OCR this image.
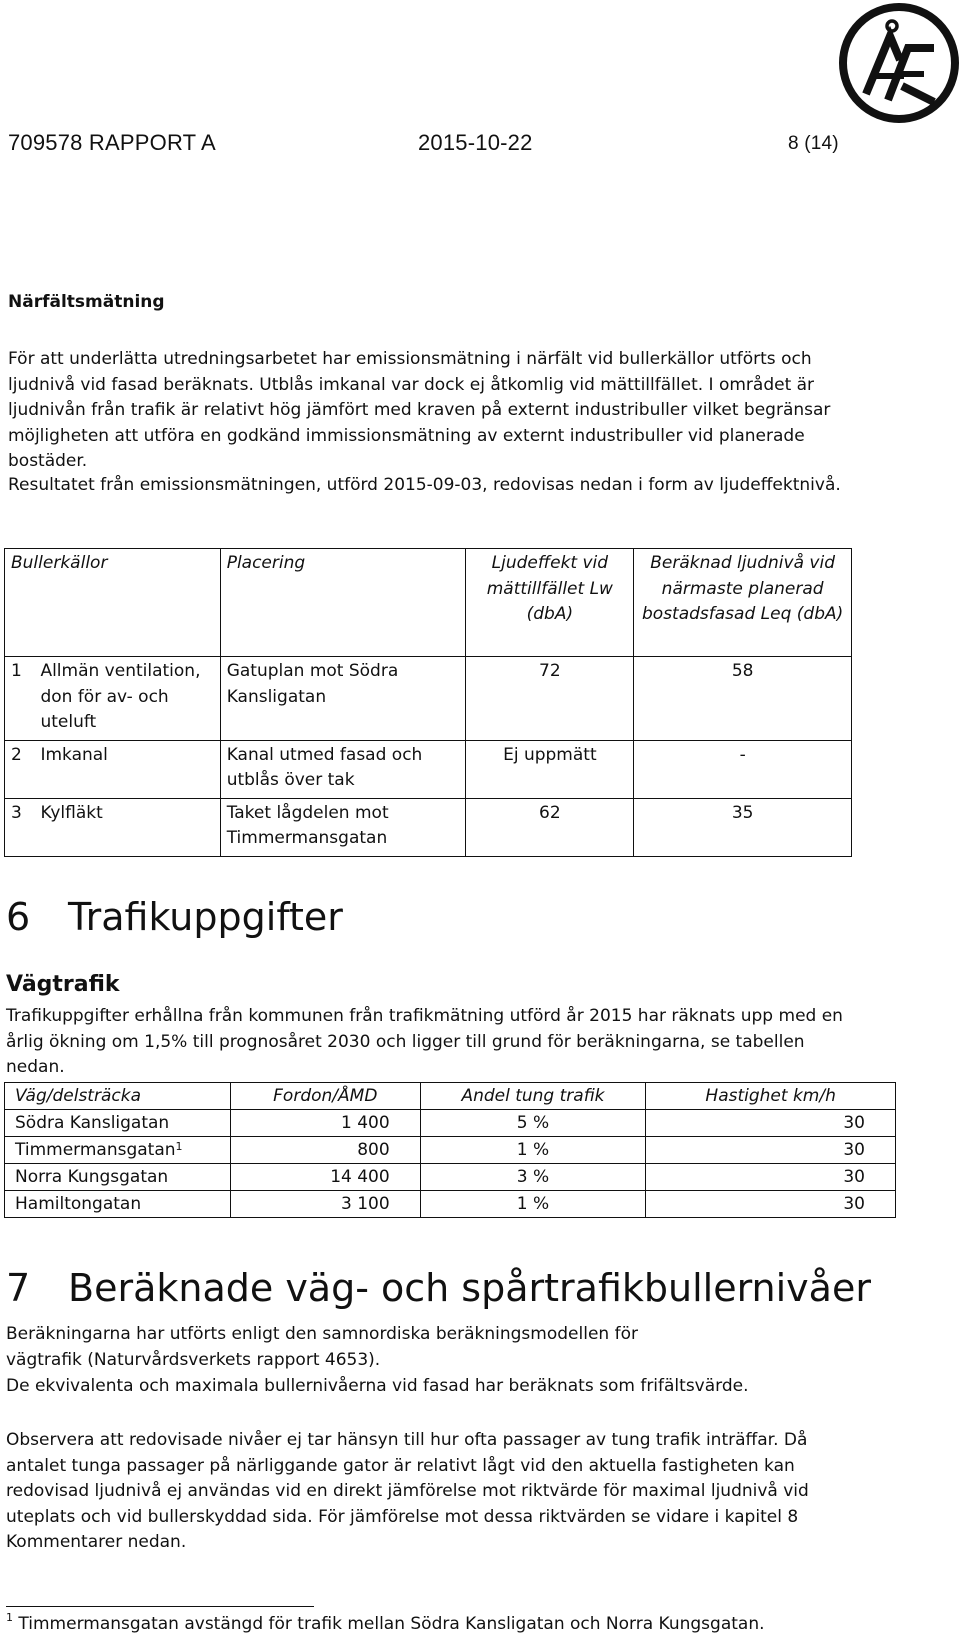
709578 RAPPORT A	2015-10-22	8 (14)
Närfältsmätning
För att underlätta utredningsarbetet har emissionsmätning i närfält vid bullerkällor utförts och ljudnivå vid fasad beräknats. Utblås imkanal var dock ej åtkomlig vid mättillfället. I området är ljudnivån från trafik är relativt hög jämfört med kraven på externt industribuller vilket begränsar möjligheten att utföra en godkänd immissionsmätning av externt industribuller vid planerade bostäder.
Resultatet från emissionsmätningen, utförd 2015-09-03, redovisas nedan i form av ljudeffektnivå.
Bullerkällor		Placering	Ljudeffekt vid mättillfället Lw (dbA)	Beräknad ljudnivå vid närmaste planerad bostadsfasad Leq (dbA)
1	Allmän ventilation, don för av- och uteluft	Gatuplan mot Södra Kansligatan	72	58
2	Imkanal	Kanal utmed fasad och utblås över tak	Ej uppmätt	-
3	Kylfläkt	Taket lågdelen mot Timmermansgatan	62	35
6 Trafikuppgifter
Vägtrafik
Trafikuppgifter erhållna från kommunen från trafikmätning utförd år 2015 har räknats upp med en årlig ökning om 1,5% till prognosåret 2030 och ligger till grund för beräkningarna, se tabellen nedan.
Väg/delsträcka	Fordon/ÅMD	Andel tung trafik	Hastighet km/h
Södra Kansligatan	1 400	5 %	30
Timmermansgatan$^1$	800	1 %	30
Norra Kungsgatan	14 400	3 %	30
Hamiltongatan	3 100	1 %	30
7 Beräknade väg- och spårtrafikbullernivåer
Beräkningarna har utförts enligt den samnordiska beräkningsmodellen för
vägtrafik (Naturvårdsverkets rapport 4653).
De ekvivalenta och maximala bullernivåerna vid fasad har beräknats som frifältsvärde.
Observera att redovisade nivåer ej tar hänsyn till hur ofta passager av tung trafik inträffar. Då antalet tunga passager på närliggande gator är relativt lågt vid den aktuella fastigheten kan redovisad ljudnivå ej användas vid en direkt jämförelse mot riktvärde för maximal ljudnivå vid uteplats och vid bullerskyddad sida. För jämförelse mot dessa riktvärden se vidare i kapitel 8 Kommentarer nedan.
$^1$ Timmermansgatan avstängd för trafik mellan Södra Kansligatan och Norra Kungsgatan.
